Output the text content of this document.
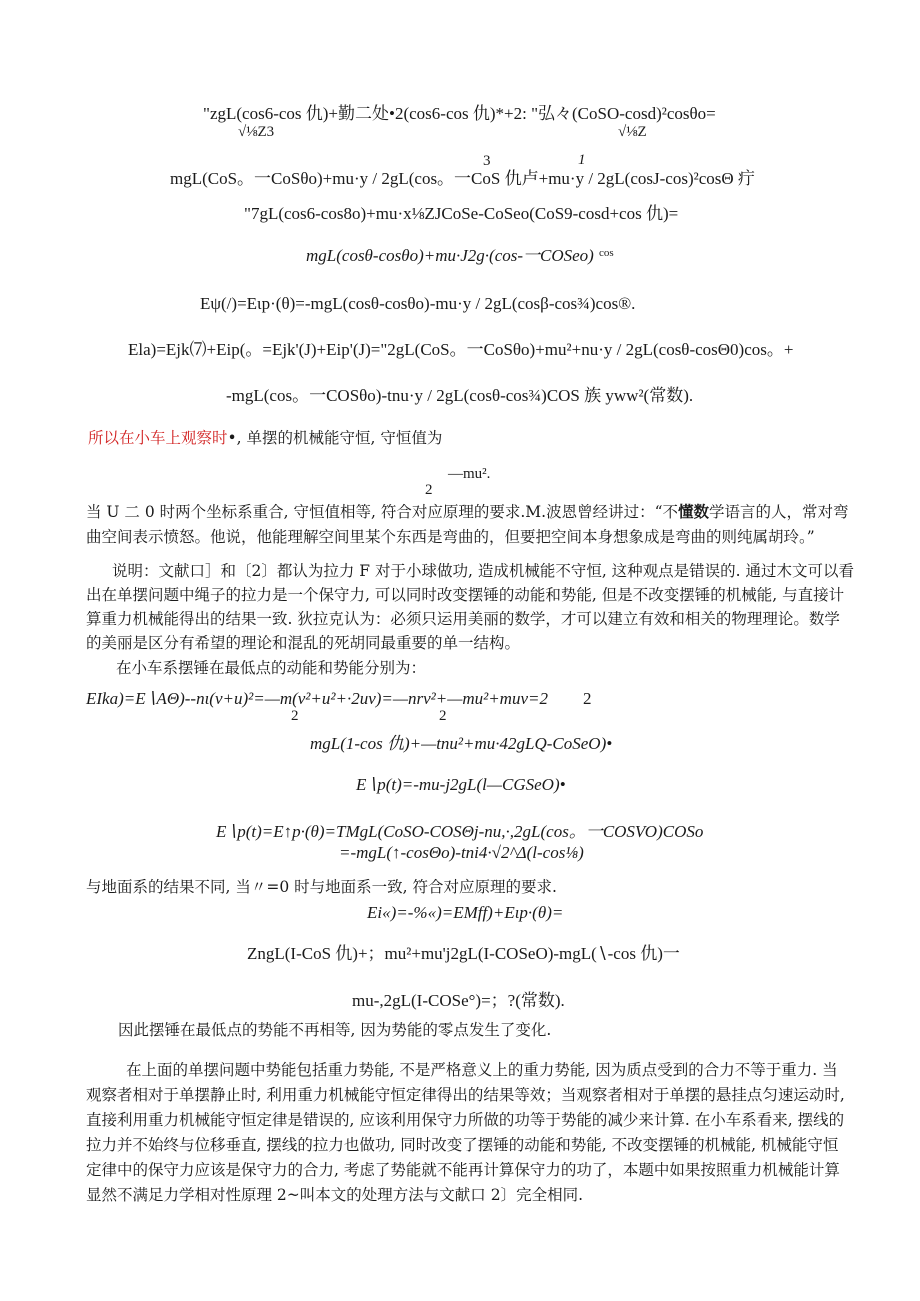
"zgL(cos6-cos 仇)+勤二处•2(cos6-cos 仇)*+2: "弘々(CoSO-cosd)²cosθo=
√⅛Z3	√⅛Z
3	1
mgL(CoS。一CoSθo)+mu·y / 2gL(cos。一CoS 仇卢+mu·y / 2gL(cosJ-cos)²cosΘ 疔
"7gL(cos6-cos8o)+mu·x⅛ZJCoSe-CoSeo(CoS9-cosd+cos 仇)=
mgL(cosθ-cosθo)+mu·J2g·(cos-一COSeo) cos
Eψ(/)=Eιp·(θ)=-mgL(cosθ-cosθo)-mu·y / 2gL(cosβ-cos¾)cos®.
Ela)=Ejk⑺+Eip(。=Ejk'(J)+Eip'(J)="2gL(CoS。一CoSθo)+mu²+nu·y / 2gL(cosθ-cosΘ0)cos。+
-mgL(cos。一COSθo)-tnu·y / 2gL(cosθ-cos¾)COS 族 yww²(常数).
所以在小车上观察时•, 单摆的机械能守恒, 守恒值为
—mu².
2
当 U 二 0 时两个坐标系重合, 守恒值相等, 符合对应原理的要求.M.波恩曾经讲过：“不懂数学语言的人，常对弯
曲空间表示愤怒。他说，他能理解空间里某个东西是弯曲的，但要把空间本身想象成是弯曲的则纯属胡玲。”
说明：文献口］和〔2〕都认为拉力 F 对于小球做功, 造成机械能不守恒, 这种观点是错误的. 通过木文可以看
出在单摆问题中绳子的拉力是一个保守力, 可以同时改变摆锤的动能和势能, 但是不改变摆锤的机械能, 与直接计
算重力机械能得出的结果一致. 狄拉克认为：必须只运用美丽的数学，才可以建立有效和相关的物理理论。数学
的美丽是区分有希望的理论和混乱的死胡同最重要的单一结构。
在小车系摆锤在最低点的动能和势能分别为：
EIka)=E∖AΘ)--nι(v+u)²=—m(v²+u²+·2uv)=—nrv²+—mu²+muv=2
2	2
2
mgL(1-cos 仇)+—tnu²+mu·42gLQ-CoSeO)•
E∖p(t)=-mu-j2gL(l—CGSeO)•
E∖p(t)=E↑p·(θ)=TMgL(CoSO-COSΘj-nu,·,2gL(cos。一COSVO)COSo
=-mgL(↑-cosΘo)-tni4·√2^Δ(l-cos⅛)
与地面系的结果不同, 当〃=0 时与地面系一致, 符合对应原理的要求.
Ei«)=-%«)=EMff)+Eιp·(θ)=
ZngL(I-CoS 仇)+；mu²+mu'j2gL(I-COSeO)-mgL(∖-cos 仇)一
mu-,2gL(I-COSe°)=；?(常数).
因此摆锤在最低点的势能不再相等, 因为势能的零点发生了变化.
在上面的单摆问题中势能包括重力势能, 不是严格意义上的重力势能, 因为质点受到的合力不等于重力. 当
观察者相对于单摆静止时, 利用重力机械能守恒定律得出的结果等效；当观察者相对于单摆的悬挂点匀速运动时,
直接利用重力机械能守恒定律是错误的, 应该利用保守力所做的功等于势能的减少来计算. 在小车系看来, 摆线的
拉力并不始终与位移垂直, 摆线的拉力也做功, 同时改变了摆锤的动能和势能, 不改变摆锤的机械能, 机械能守恒
定律中的保守力应该是保守力的合力, 考虑了势能就不能再计算保守力的功了，本题中如果按照重力机械能计算
显然不满足力学相对性原理 2~叫本文的处理方法与文献口 2〕完全相同.
